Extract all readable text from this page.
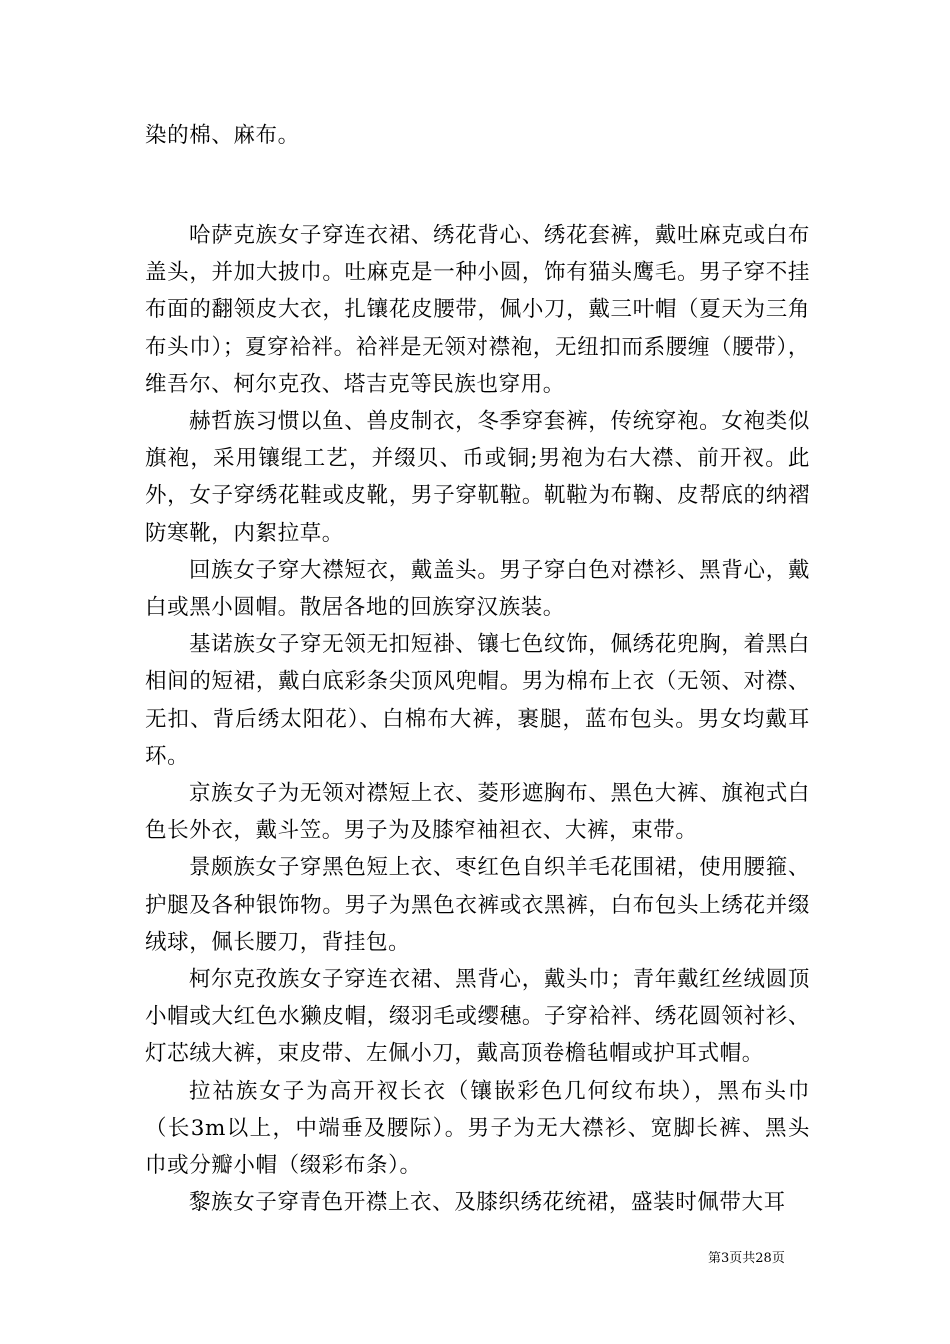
染的棉、麻布。

哈萨克族女子穿连衣裙、绣花背心、绣花套裤，戴吐麻克或白布盖头，并加大披巾。吐麻克是一种小圆，饰有猫头鹰毛。男子穿不挂布面的翻领皮大衣，扎镶花皮腰带，佩小刀，戴三叶帽（夏天为三角布头巾）；夏穿袷袢。袷袢是无领对襟袍，无纽扣而系腰缠（腰带），维吾尔、柯尔克孜、塔吉克等民族也穿用。

赫哲族习惯以鱼、兽皮制衣，冬季穿套裤，传统穿袍。女袍类似旗袍，采用镶绲工艺，并缀贝、币或铜;男袍为右大襟、前开衩。此外，女子穿绣花鞋或皮靴，男子穿靰鞡。靰鞡为布鞠、皮帮底的纳褶防寒靴，内絮拉草。

回族女子穿大襟短衣，戴盖头。男子穿白色对襟衫、黑背心，戴白或黑小圆帽。散居各地的回族穿汉族装。

基诺族女子穿无领无扣短褂、镶七色纹饰，佩绣花兜胸，着黑白相间的短裙，戴白底彩条尖顶风兜帽。男为棉布上衣（无领、对襟、无扣、背后绣太阳花）、白棉布大裤，裹腿，蓝布包头。男女均戴耳环。

京族女子为无领对襟短上衣、菱形遮胸布、黑色大裤、旗袍式白色长外衣，戴斗笠。男子为及膝窄袖袒衣、大裤，束带。

景颇族女子穿黑色短上衣、枣红色自织羊毛花围裙，使用腰箍、护腿及各种银饰物。男子为黑色衣裤或衣黑裤，白布包头上绣花并缀绒球，佩长腰刀，背挂包。

柯尔克孜族女子穿连衣裙、黑背心，戴头巾；青年戴红丝绒圆顶小帽或大红色水獭皮帽，缀羽毛或缨穗。子穿袷袢、绣花圆领衬衫、灯芯绒大裤，束皮带、左佩小刀，戴高顶卷檐毡帽或护耳式帽。

拉祜族女子为高开衩长衣（镶嵌彩色几何纹布块），黑布头巾（长3m以上，中端垂及腰际）。男子为无大襟衫、宽脚长裤、黑头巾或分瓣小帽（缀彩布条）。

黎族女子穿青色开襟上衣、及膝织绣花统裙，盛装时佩带大耳

第3页共28页
